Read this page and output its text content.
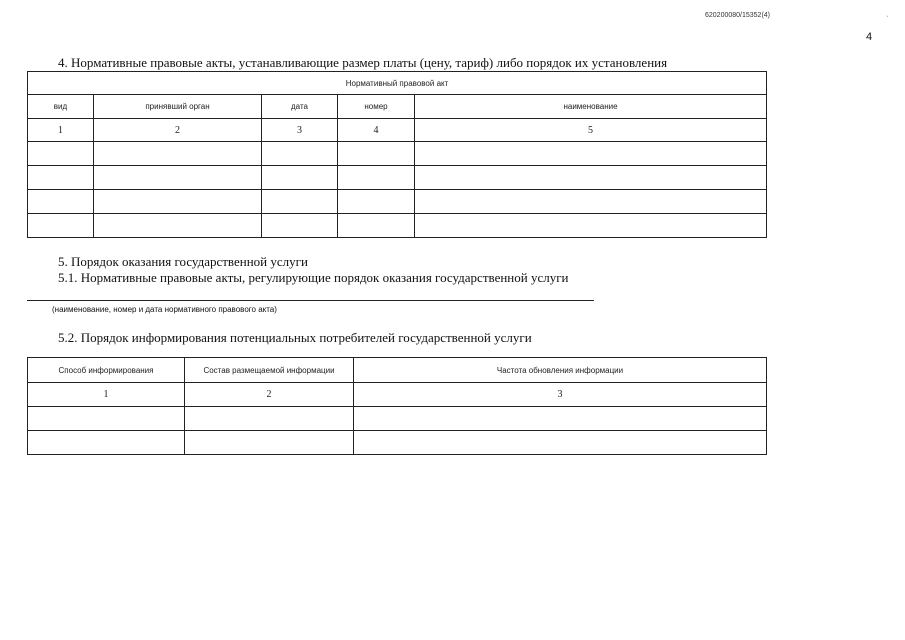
620200080/15352(4)	ˎ
4
4. Нормативные правовые акты, устанавливающие размер платы (цену, тариф) либо порядок их установления
Нормативный правовой акт				
вид	принявший орган	дата	номер	наименование
1	2	3	4	5

5. Порядок оказания государственной услуги
5.1. Нормативные правовые акты, регулирующие порядок оказания государственной услуги
(наименование, номер и дата нормативного правового акта)
5.2. Порядок информирования потенциальных потребителей государственной услуги
Способ информирования	Состав размещаемой информации	Частота обновления информации
1	2	3
